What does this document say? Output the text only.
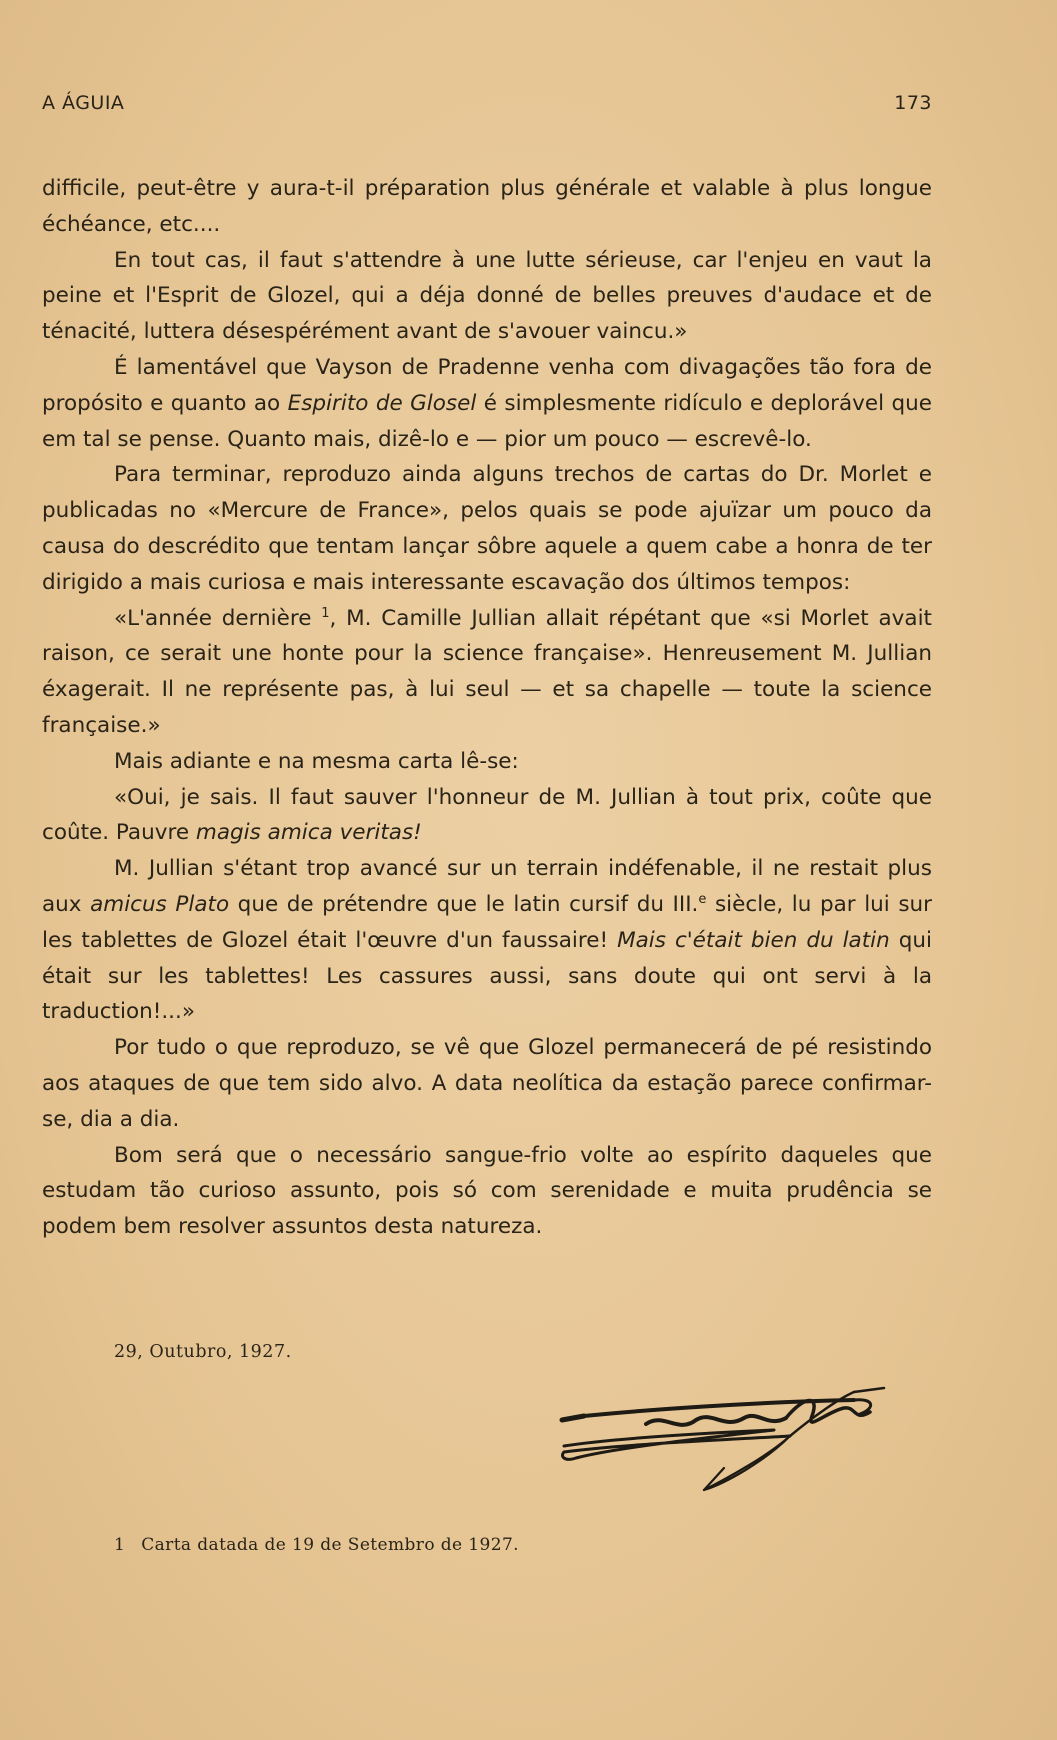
A ÁGUIA	173

difficile, peut-être y aura-t-il préparation plus générale et valable à plus longue échéance, etc....

En tout cas, il faut s'attendre à une lutte sérieuse, car l'enjeu en vaut la peine et l'Esprit de Glozel, qui a déja donné de belles preuves d'audace et de ténacité, luttera désespérément avant de s'avouer vaincu.»

É lamentável que Vayson de Pradenne venha com divagações tão fora de propósito e quanto ao Espirito de Glosel é simplesmente ridículo e deplorável que em tal se pense. Quanto mais, dizê-lo e — pior um pouco — escrevê-lo.

Para terminar, reproduzo ainda alguns trechos de cartas do Dr. Morlet e publicadas no «Mercure de France», pelos quais se pode ajuïzar um pouco da causa do descrédito que tentam lançar sôbre aquele a quem cabe a honra de ter dirigido a mais curiosa e mais interessante escavação dos últimos tempos:

«L'année dernière $^1$, M. Camille Jullian allait répétant que «si Morlet avait raison, ce serait une honte pour la science française». Henreusement M. Jullian éxagerait. Il ne représente pas, à lui seul — et sa chapelle — toute la science française.»

Mais adiante e na mesma carta lê-se:

«Oui, je sais. Il faut sauver l'honneur de M. Jullian à tout prix, coûte que coûte. Pauvre magis amica veritas!

M. Jullian s'étant trop avancé sur un terrain indéfenable, il ne restait plus aux amicus Plato que de prétendre que le latin cursif du III.$^e$ siècle, lu par lui sur les tablettes de Glozel était l'œuvre d'un faussaire! Mais c'était bien du latin qui était sur les tablettes! Les cassures aussi, sans doute qui ont servi à la traduction!...»

Por tudo o que reproduzo, se vê que Glozel permanecerá de pé resistindo aos ataques de que tem sido alvo. A data neolítica da estação parece confirmar-se, dia a dia.

Bom será que o necessário sangue-frio volte ao espírito daqueles que estudam tão curioso assunto, pois só com serenidade e muita prudência se podem bem resolver assuntos desta natureza.

29, Outubro, 1927.
1 Carta datada de 19 de Setembro de 1927.
